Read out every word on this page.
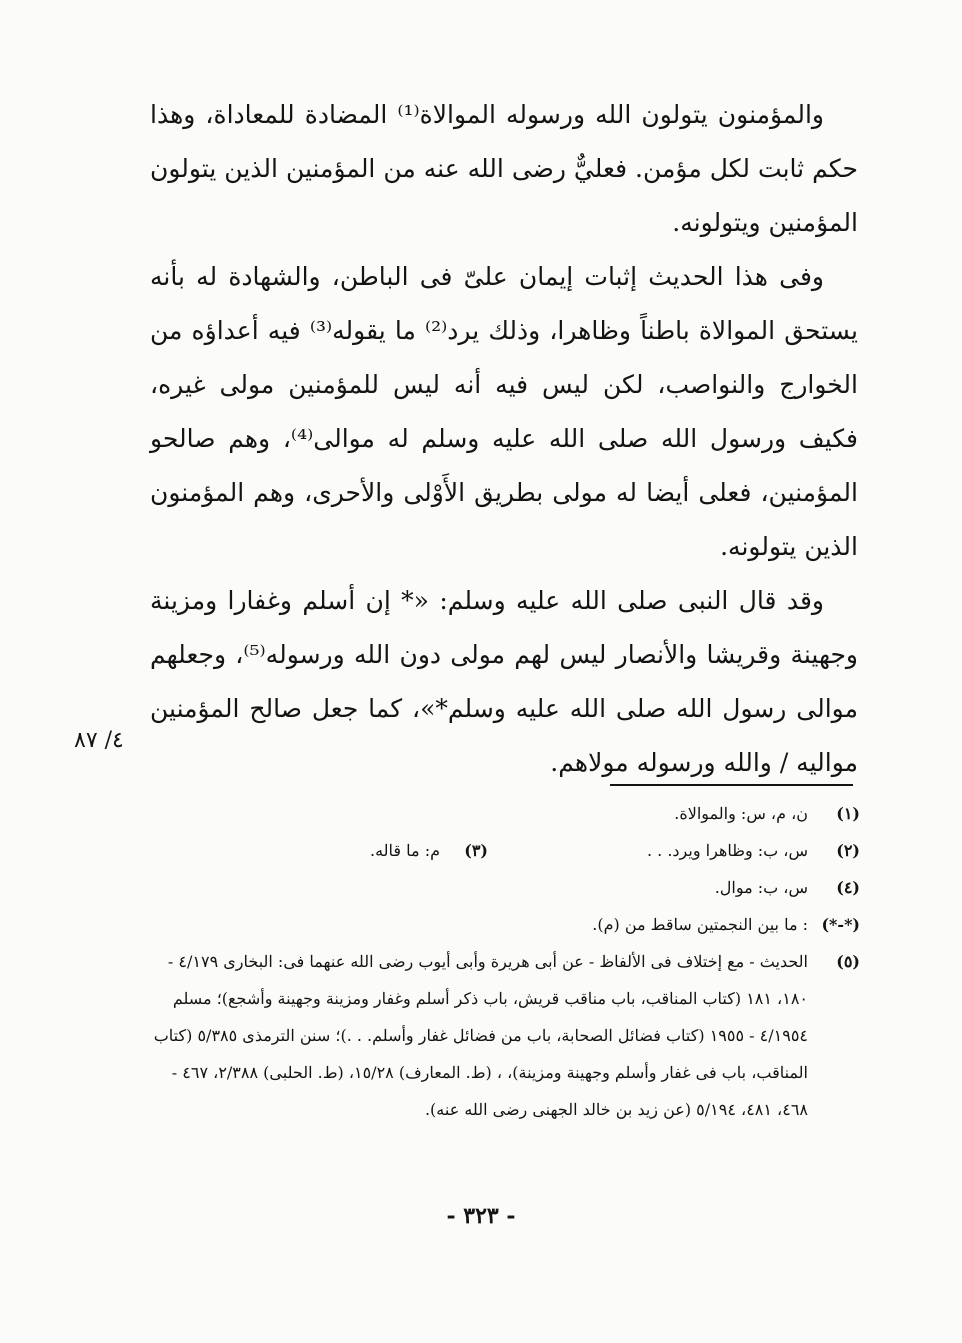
والمؤمنون يتولون الله ورسوله الموالاة⁽¹⁾ المضادة للمعاداة، وهذا حكم ثابت لكل مؤمن. فعليٌّ رضى الله عنه من المؤمنين الذين يتولون المؤمنين ويتولونه.

وفى هذا الحديث إثبات إيمان علىّ فى الباطن، والشهادة له بأنه يستحق الموالاة باطناً وظاهرا، وذلك يرد⁽²⁾ ما يقوله⁽³⁾ فيه أعداؤه من الخوارج والنواصب، لكن ليس فيه أنه ليس للمؤمنين مولى غيره، فكيف ورسول الله صلى الله عليه وسلم له موالى⁽⁴⁾، وهم صالحو المؤمنين، فعلى أيضا له مولى بطريق الأَوْلى والأحرى، وهم المؤمنون الذين يتولونه.

وقد قال النبى صلى الله عليه وسلم: «* إن أسلم وغفارا ومزينة وجهينة وقريشا والأنصار ليس لهم مولى دون الله ورسوله⁽⁵⁾، وجعلهم موالى رسول الله صلى الله عليه وسلم*»، كما جعل صالح المؤمنين مواليه / والله ورسوله مولاهم.

٤/ ٨٧
(١)
ن، م، س: والموالاة.
(٢)
س، ب: وظاهرا ويرد. . .
(٣)
م: ما قاله.
(٤)
س، ب: موال.
(*-*)
: ما بين النجمتين ساقط من (م).
(٥)
الحديث - مع إختلاف فى الألفاظ - عن أبى هريرة وأبى أيوب رضى الله عنهما فى: البخارى ٤/١٧٩ - ١٨٠، ١٨١ (كتاب المناقب، باب مناقب قريش، باب ذكر أسلم وغفار ومزينة وجهينة وأشجع)؛ مسلم ٤/١٩٥٤ - ١٩٥٥ (كتاب فضائل الصحابة، باب من فضائل غفار وأسلم. . .)؛ سنن الترمذى ٥/٣٨٥ (كتاب المناقب، باب فى غفار وأسلم وجهينة ومزينة)، ، (ط. المعارف) ١٥/٢٨، (ط. الحلبى) ٢/٣٨٨، ٤٦٧ - ٤٦٨، ٤٨١، ٥/١٩٤ (عن زيد بن خالد الجهنى رضى الله عنه).
- ٣٢٣ -
